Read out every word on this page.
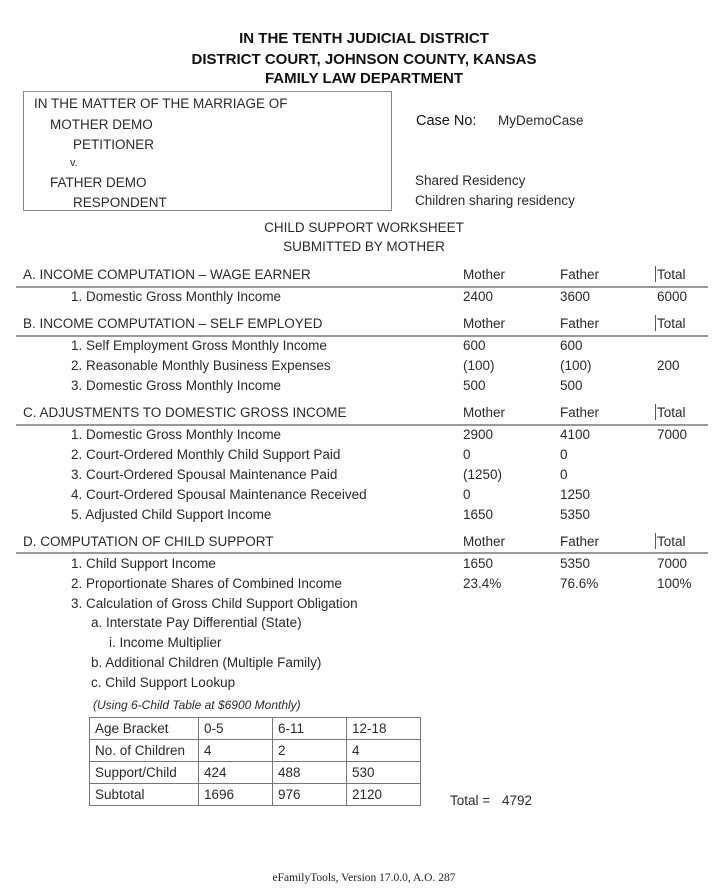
IN THE TENTH JUDICIAL DISTRICT
DISTRICT COURT, JOHNSON COUNTY, KANSAS
FAMILY LAW DEPARTMENT
IN THE MATTER OF THE MARRIAGE OF
MOTHER DEMO
PETITIONER
v.
FATHER DEMO
RESPONDENT
Case No: MyDemoCase
Shared Residency
Children sharing residency
CHILD SUPPORT WORKSHEET
SUBMITTED BY MOTHER
A. INCOME COMPUTATION – WAGE EARNER	Mother	Father	Total
1. Domestic Gross Monthly Income	2400	3600	6000
B. INCOME COMPUTATION – SELF EMPLOYED	Mother	Father	Total
1. Self Employment Gross Monthly Income	600	600
2. Reasonable Monthly Business Expenses	(100)	(100)	200
3. Domestic Gross Monthly Income	500	500
C. ADJUSTMENTS TO DOMESTIC GROSS INCOME	Mother	Father	Total
1. Domestic Gross Monthly Income	2900	4100	7000
2. Court-Ordered Monthly Child Support Paid	0	0
3. Court-Ordered Spousal Maintenance Paid	(1250)	0
4. Court-Ordered Spousal Maintenance Received	0	1250
5. Adjusted Child Support Income	1650	5350
D. COMPUTATION OF CHILD SUPPORT	Mother	Father	Total
1. Child Support Income	1650	5350	7000
2. Proportionate Shares of Combined Income	23.4%	76.6%	100%
3. Calculation of Gross Child Support Obligation
a. Interstate Pay Differential (State)
i. Income Multiplier
b. Additional Children (Multiple Family)
c. Child Support Lookup
(Using 6-Child Table at $6900 Monthly)
Age Bracket	0-5	6-11	12-18
No. of Children	4	2	4
Support/Child	424	488	530
Subtotal	1696	976	2120	Total = 4792
eFamilyTools, Version 17.0.0, A.O. 287
